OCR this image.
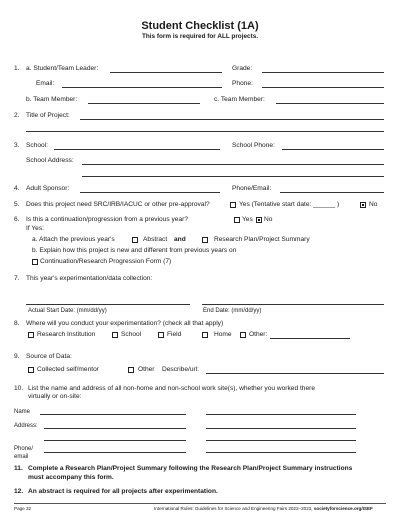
Student Checklist (1A)
This form is required for ALL projects.
1. a. Student/Team Leader:	Grade:
Email:	Phone:
b. Team Member:	c. Team Member:
2. Title of Project:
3. School:	School Phone:
School Address:
4. Adult Sponsor:	Phone/Email:
5. Does this project need SRC/IRB/IACUC or other pre-approval?	Yes (Tentative start date: ______ )	No
6. Is this a continuation/progression from a previous year?	Yes No
If Yes:
a. Attach the previous year's	Abstract and	Research Plan/Project Summary
b. Explain how this project is new and different from previous years on
Continuation/Research Progression Form (7)
7. This year's experimentation/data collection:
Actual Start Date: (mm/dd/yy)	End Date: (mm/dd/yy)
8. Where will you conduct your experimentation? (check all that apply)
Research Institution	School	Field	Home	Other:
9. Source of Data:
Collected self/mentor	Other Describe/url:
10. List the name and address of all non-home and non-school work site(s), whether you worked there
virtually or on-site:
Name
Address:
Phone/
email
11. Complete a Research Plan/Project Summary following the Research Plan/Project Summary instructions
must accompany this form.
12. An abstract is required for all projects after experimentation.
Page 32	International Rules: Guidelines for Science and Engineering Fairs 2022–2023, societyforscience.org/ISEF
